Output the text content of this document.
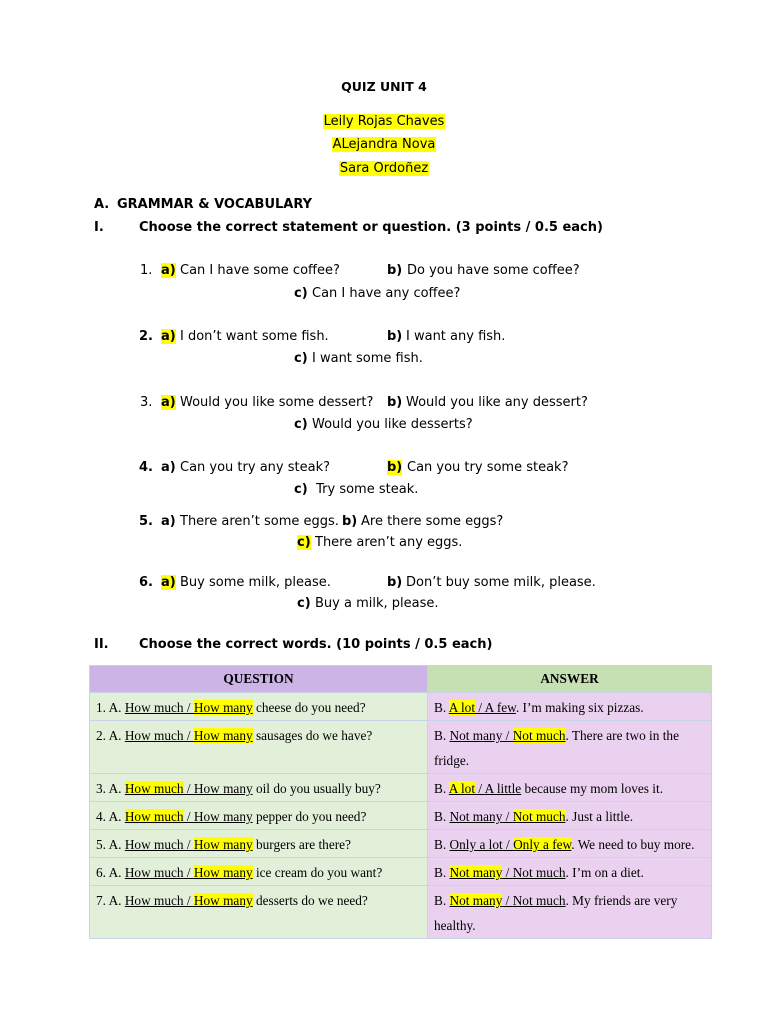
QUIZ UNIT 4
Leily Rojas Chaves
ALejandra Nova
Sara Ordoñez
A. GRAMMAR & VOCABULARY
I.	Choose the correct statement or question. (3 points / 0.5 each)
1. a) Can I have some coffee?	b) Do you have some coffee?
c) Can I have any coffee?
2. a) I don’t want some fish.	b) I want any fish.
c) I want some fish.
3. a) Would you like some dessert? b) Would you like any dessert?
c) Would you like desserts?
4. a) Can you try any steak?	b) Can you try some steak?
c) Try some steak.
5. a) There aren’t some eggs. b) Are there some eggs?
c) There aren’t any eggs.
6. a) Buy some milk, please.	b) Don’t buy some milk, please.
c) Buy a milk, please.
II. Choose the correct words. (10 points / 0.5 each)
QUESTION	ANSWER
1. A. How much / How many cheese do you need?	B. A lot / A few. I’m making six pizzas.
2. A. How much / How many sausages do we have?	B. Not many / Not much. There are two in the fridge.
3. A. How much / How many oil do you usually buy?	B. A lot / A little because my mom loves it.
4. A. How much / How many pepper do you need?	B. Not many / Not much. Just a little.
5. A. How much / How many burgers are there?	B. Only a lot / Only a few. We need to buy more.
6. A. How much / How many ice cream do you want?	B. Not many / Not much. I’m on a diet.
7. A. How much / How many desserts do we need?	B. Not many / Not much. My friends are very healthy.
